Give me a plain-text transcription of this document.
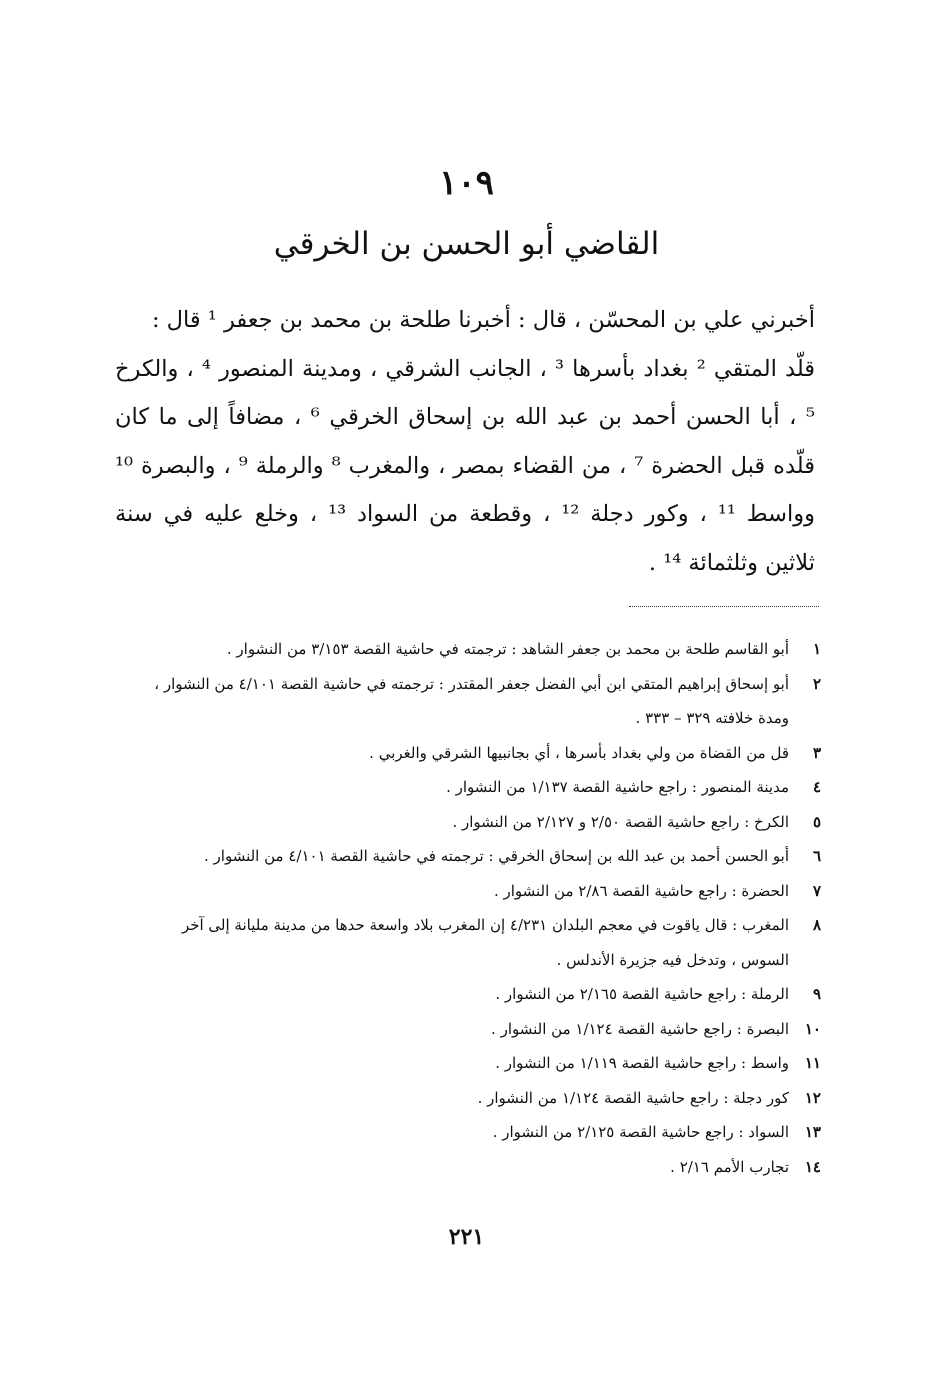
١٠٩
القاضي أبو الحسن بن الخرقي

أخبرني علي بن المحسّن ، قال : أخبرنا طلحة بن محمد بن جعفر ¹ قال :

قلّد المتقي ² بغداد بأسرها ³ ، الجانب الشرقي ، ومدينة المنصور ⁴ ، والكرخ ⁵ ، أبا الحسن أحمد بن عبد الله بن إسحاق الخرقي ⁶ ، مضافاً إلى ما كان قلّده قبل الحضرة ⁷ ، من القضاء بمصر ، والمغرب ⁸ والرملة ⁹ ، والبصرة ¹⁰ وواسط ¹¹ ، وكور دجلة ¹² ، وقطعة من السواد ¹³ ، وخلع عليه في سنة ثلاثين وثلثمائة ¹⁴ .

١
أبو القاسم طلحة بن محمد بن جعفر الشاهد : ترجمته في حاشية القصة ٣/١٥٣ من النشوار .
٢
أبو إسحاق إبراهيم المتقي ابن أبي الفضل جعفر المقتدر : ترجمته في حاشية القصة ٤/١٠١ من النشوار ، ومدة خلافته ٣٢٩ – ٣٣٣ .
٣
قل من القضاة من ولي بغداد بأسرها ، أي بجانبيها الشرقي والغربي .
٤
مدينة المنصور : راجع حاشية القصة ١/١٣٧ من النشوار .
٥
الكرخ : راجع حاشية القصة ٢/٥٠ و ٢/١٢٧ من النشوار .
٦
أبو الحسن أحمد بن عبد الله بن إسحاق الخرقي : ترجمته في حاشية القصة ٤/١٠١ من النشوار .
٧
الحضرة : راجع حاشية القصة ٢/٨٦ من النشوار .
٨
المغرب : قال ياقوت في معجم البلدان ٤/٢٣١ إن المغرب بلاد واسعة حدها من مدينة مليانة إلى آخر السوس ، وتدخل فيه جزيرة الأندلس .
٩
الرملة : راجع حاشية القصة ٢/١٦٥ من النشوار .
١٠
البصرة : راجع حاشية القصة ١/١٢٤ من النشوار .
١١
واسط : راجع حاشية القصة ١/١١٩ من النشوار .
١٢
كور دجلة : راجع حاشية القصة ١/١٢٤ من النشوار .
١٣
السواد : راجع حاشية القصة ٢/١٢٥ من النشوار .
١٤
تجارب الأمم ٢/١٦ .
٢٢١
